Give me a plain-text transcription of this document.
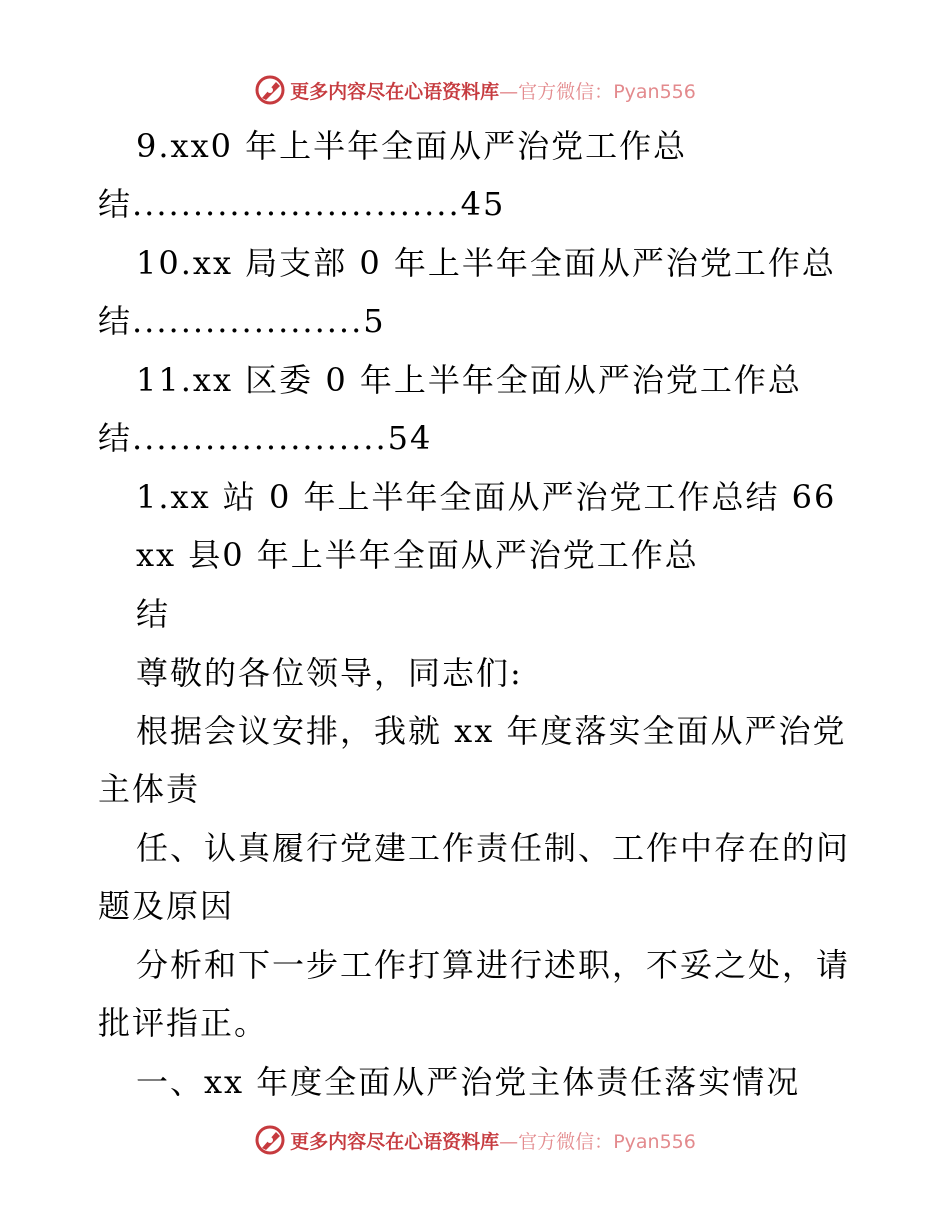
更多内容尽在心语资料库—官方微信：Pyan556
9.xx0 年上半年全面从严治党工作总
结...........................45
10.xx 局支部 0 年上半年全面从严治党工作总
结...................5
11.xx 区委 0 年上半年全面从严治党工作总
结.....................54
1.xx 站 0 年上半年全面从严治党工作总结 66
xx 县0 年上半年全面从严治党工作总
结
尊敬的各位领导，同志们:
根据会议安排，我就 xx 年度落实全面从严治党
主体责
任、认真履行党建工作责任制、工作中存在的问
题及原因
分析和下一步工作打算进行述职，不妥之处，请
批评指正。
一、xx 年度全面从严治党主体责任落实情况
更多内容尽在心语资料库—官方微信：Pyan556
